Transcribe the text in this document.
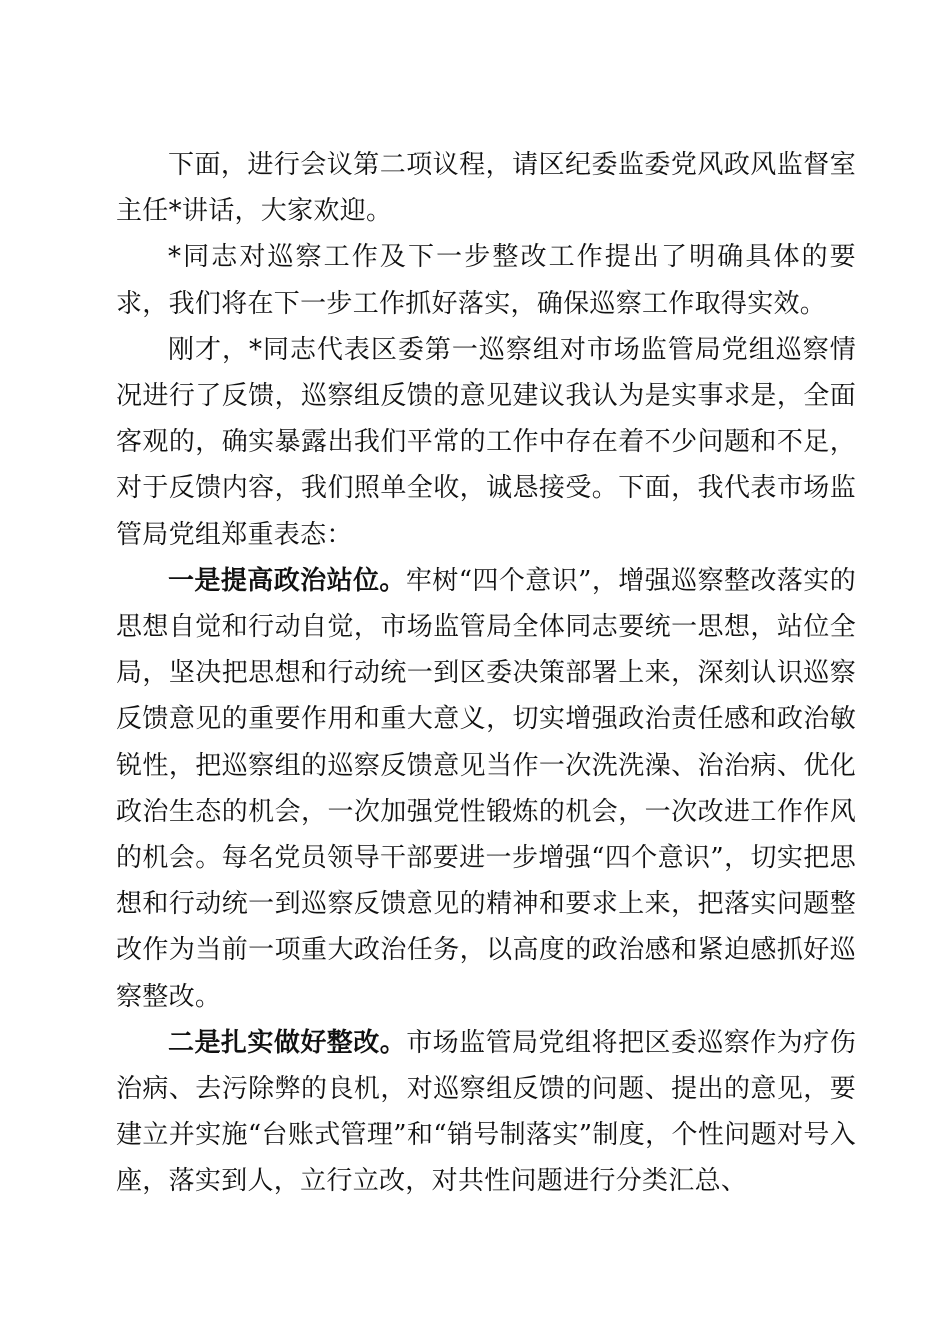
下面，进行会议第二项议程，请区纪委监委党风政风监督室主任*讲话，大家欢迎。

*同志对巡察工作及下一步整改工作提出了明确具体的要求，我们将在下一步工作抓好落实，确保巡察工作取得实效。

刚才，*同志代表区委第一巡察组对市场监管局党组巡察情况进行了反馈，巡察组反馈的意见建议我认为是实事求是，全面客观的，确实暴露出我们平常的工作中存在着不少问题和不足，对于反馈内容，我们照单全收，诚恳接受。下面，我代表市场监管局党组郑重表态：

一是提高政治站位。牢树“四个意识”，增强巡察整改落实的思想自觉和行动自觉，市场监管局全体同志要统一思想，站位全局，坚决把思想和行动统一到区委决策部署上来，深刻认识巡察反馈意见的重要作用和重大意义，切实增强政治责任感和政治敏锐性，把巡察组的巡察反馈意见当作一次洗洗澡、治治病、优化政治生态的机会，一次加强党性锻炼的机会，一次改进工作作风的机会。每名党员领导干部要进一步增强“四个意识”，切实把思想和行动统一到巡察反馈意见的精神和要求上来，把落实问题整改作为当前一项重大政治任务，以高度的政治感和紧迫感抓好巡察整改。

二是扎实做好整改。市场监管局党组将把区委巡察作为疗伤治病、去污除弊的良机，对巡察组反馈的问题、提出的意见，要建立并实施“台账式管理”和“销号制落实”制度，个性问题对号入座，落实到人，立行立改，对共性问题进行分类汇总、
